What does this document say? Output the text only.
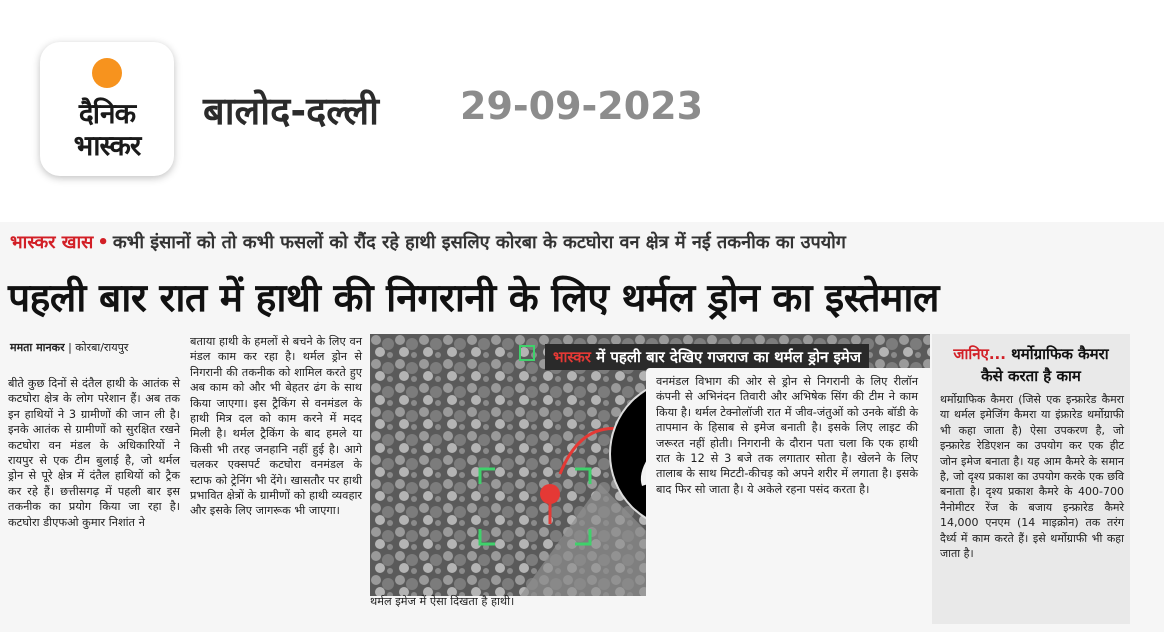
दैनिक
भास्कर
बालोद-दल्ली 29-09-2023
भास्कर खास • कभी इंसानों को तो कभी फसलों को रौंद रहे हाथी इसलिए कोरबा के कटघोरा वन क्षेत्र में नई तकनीक का उपयोग
पहली बार रात में हाथी की निगरानी के लिए थर्मल ड्रोन का इस्तेमाल
ममता मानकर | कोरबा/रायपुर
बीते कुछ दिनों से दंतैल हाथी के आतंक से कटघोरा क्षेत्र के लोग परेशान हैं। अब तक इन हाथियों ने 3 ग्रामीणों की जान ली है।इनके आतंक से ग्रामीणों को सुरक्षित रखने कटघोरा वन मंडल के अधिकारियों ने रायपुर से एक टीम बुलाई है, जो थर्मल ड्रोन से पूरे क्षेत्र में दंतैल हाथियों को ट्रैक कर रहे हैं। छत्तीसगढ़ में पहली बार इस तकनीक का प्रयोग किया जा रहा है। कटघोरा डीएफओ कुमार निशांत ने
बताया हाथी के हमलों से बचने के लिए वन मंडल काम कर रहा है। थर्मल ड्रोन से निगरानी की तकनीक को शामिल करते हुए अब काम को और भी बेहतर ढंग के साथ किया जाएगा। इस ट्रैकिंग से वनमंडल के हाथी मित्र दल को काम करने में मदद मिली है। थर्मल ट्रैकिंग के बाद हमले या किसी भी तरह जनहानि नहीं हुई है। आगे चलकर एक्सपर्ट कटघोरा वनमंडल के स्टाफ को ट्रेनिंग भी देंगे। खासतौर पर हाथी प्रभावित क्षेत्रों के ग्रामीणों को हाथी व्यवहार और इसके लिए जागरूक भी जाएगा।
भास्कर में पहली बार देखिए गजराज का थर्मल ड्रोन इमेज
वनमंडल विभाग की ओर से ड्रोन से निगरानी के लिए रीलॉन कंपनी से अभिनंदन तिवारी और अभिषेक सिंग की टीम ने काम किया है। थर्मल टेक्नोलॉजी रात में जीव-जंतुओं को उनके बॉडी के तापमान के हिसाब से इमेज बनाती है। इसके लिए लाइट की जरूरत नहीं होती। निगरानी के दौरान पता चला कि एक हाथी रात के 12 से 3 बजे तक लगातार सोता है। खेलने के लिए तालाब के साथ मिटटी-कीचड़ को अपने शरीर में लगाता है। इसके बाद फिर सो जाता है। ये अकेले रहना पसंद करता है।
थर्मल इमेज में ऐसा दिखता है हाथी।
जानिए... थर्मोग्राफिक कैमरा
कैसे करता है काम
थर्मोग्राफिक कैमरा (जिसे एक इन्फ्रारेड कैमरा या थर्मल इमेजिंग कैमरा या इंफ्रारेड थर्मोग्राफी भी कहा जाता है) ऐसा उपकरण है, जो इन्फ्रारेड रेडिएशन का उपयोग कर एक हीट जोन इमेज बनाता है। यह आम कैमरे के समान है, जो दृश्य प्रकाश का उपयोग करके एक छवि बनाता है। दृश्य प्रकाश कैमरे के 400-700 नैनोमीटर रेंज के बजाय इन्फ्रारेड कैमरे 14,000 एनएम (14 माइक्रोन) तक तरंग दैर्ध्य में काम करते हैं। इसे थर्मोग्राफी भी कहा जाता है।
